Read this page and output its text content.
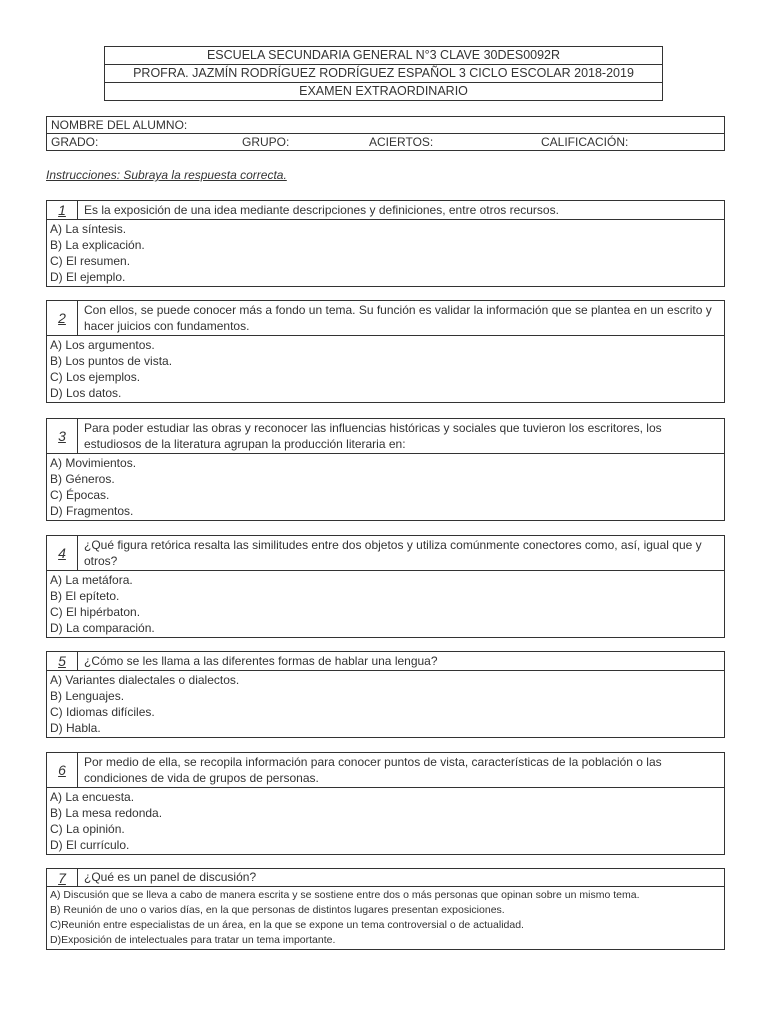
ESCUELA SECUNDARIA GENERAL N°3 CLAVE 30DES0092R
PROFRA. JAZMÍN RODRÍGUEZ RODRÍGUEZ ESPAÑOL 3 CICLO ESCOLAR 2018-2019
EXAMEN EXTRAORDINARIO
NOMBRE DEL ALUMNO:
GRADO:	GRUPO:	ACIERTOS:	CALIFICACIÓN:
Instrucciones: Subraya la respuesta correcta.
1	Es la exposición de una idea mediante descripciones y definiciones, entre otros recursos.
A) La síntesis.
B) La explicación.
C) El resumen.
D) El ejemplo.
2	Con ellos, se puede conocer más a fondo un tema. Su función es validar la información que se plantea en un escrito y hacer juicios con fundamentos.
A) Los argumentos.
B) Los puntos de vista.
C) Los ejemplos.
D) Los datos.
3	Para poder estudiar las obras y reconocer las influencias históricas y sociales que tuvieron los escritores, los estudiosos de la literatura agrupan la producción literaria en:
A) Movimientos.
B) Géneros.
C) Épocas.
D) Fragmentos.
4	¿Qué figura retórica resalta las similitudes entre dos objetos y utiliza comúnmente conectores como, así, igual que y otros?
A) La metáfora.
B) El epíteto.
C) El hipérbaton.
D) La comparación.
5	¿Cómo se les llama a las diferentes formas de hablar una lengua?
A) Variantes dialectales o dialectos.
B) Lenguajes.
C) Idiomas difíciles.
D) Habla.
6	Por medio de ella, se recopila información para conocer puntos de vista, características de la población o las condiciones de vida de grupos de personas.
A) La encuesta.
B) La mesa redonda.
C) La opinión.
D) El currículo.
7	¿Qué es un panel de discusión?
A) Discusión que se lleva a cabo de manera escrita y se sostiene entre dos o más personas que opinan sobre un mismo tema.
B) Reunión de uno o varios días, en la que personas de distintos lugares presentan exposiciones.
C)Reunión entre especialistas de un área, en la que se expone un tema controversial o de actualidad.
D)Exposición de intelectuales para tratar un tema importante.
